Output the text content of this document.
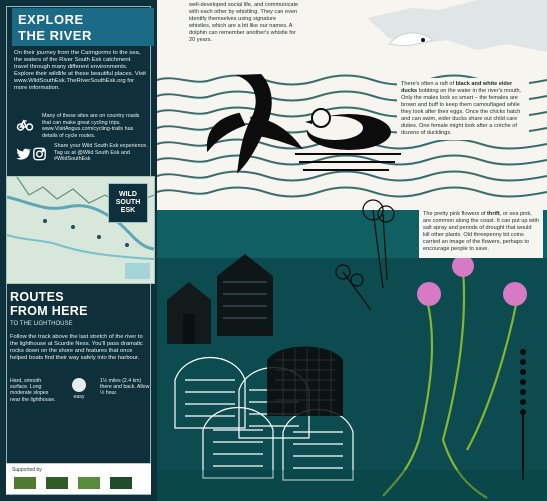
EXPLORE
THE RIVER
On their journey from the Cairngorms to the sea, the waters of the River South Esk catchment travel through many different environments. Explore their wildlife at these beautiful places. Visit www.WildSouthEsk.TheRiverSouthEsk.org for more information.
Many of these sites are on country roads that can make great cycling trips. www.VisitAngus.com/cycling-trails has details of cycle routes.
Share your Wild South Esk experience. Tag us at @Wild South Esk and #WildSouthEsk
WILD SOUTH ESK
ROUTES
FROM HERE
TO THE LIGHTHOUSE
Follow the track above the last stretch of the river to the lighthouse at Scurdie Ness. You'll pass dramatic rocks down on the shore and features that once helped boats find their way safely into the harbour.
Hard, smooth surface. Long moderate slopes near the lighthouse.	easy
1½ miles (2.4 km) there and back. Allow ½ hour.
Supported by
well-developed social life, and communicate with each other by whistling. They can even identify themselves using signature whistles, which are a bit like our names. A dolphin can remember another's whistle for 20 years.
There's often a raft of black and white eider ducks bobbing on the water in the river's mouth. Only the males look so smart – the females are brown and buff to keep them camouflaged while they look after their eggs. Once the chicks hatch and can swim, eider ducks share out child care duties. One female might look after a crèche of dozens of ducklings.
The pretty pink flowers of thrift, or sea pink, are common along the coast. It can put up with salt spray and periods of drought that would kill other plants. Old threepenny bit coins carried an image of the flowers, perhaps to encourage people to save.
